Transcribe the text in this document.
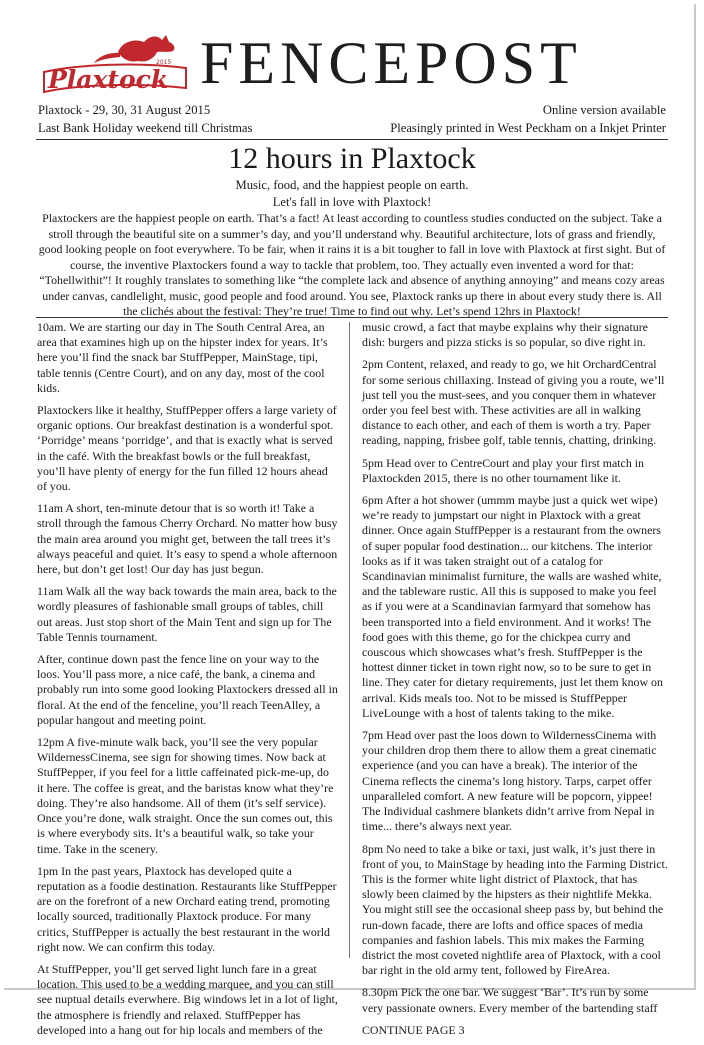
Plaxtock
2015 FENCEPOST
Plaxtock - 29, 30, 31 August 2015
Last Bank Holiday weekend till Christmas
Online version available
Pleasingly printed in West Peckham on a Inkjet Printer
12 hours in Plaxtock
Music, food, and the happiest people on earth.
Let's fall in love with Plaxtock!
Plaxtockers are the happiest people on earth. That’s a fact! At least according to countless studies conducted on the subject. Take a stroll through the beautiful site on a summer’s day, and you’ll understand why. Beautiful architecture, lots of grass and friendly, good looking people on foot everywhere. To be fair, when it rains it is a bit tougher to fall in love with Plaxtock at first sight. But of course, the inventive Plaxtockers found a way to tackle that problem, too. They actually even invented a word for that: “Tohellwithit”! It roughly translates to something like “the complete lack and absence of anything annoying” and means cozy areas under canvas, candlelight, music, good people and food around. You see, Plaxtock ranks up there in about every study there is. All the clichés about the festival: They’re true! Time to find out why. Let’s spend 12hrs in Plaxtock!

10am. We are starting our day in The South Central Area, an area that examines high up on the hipster index for years. It’s here you’ll find the snack bar StuffPepper, MainStage, tipi, table tennis (Centre Court), and on any day, most of the cool kids.

Plaxtockers like it healthy, StuffPepper offers a large variety of organic options. Our breakfast destination is a wonderful spot. ‘Porridge’ means ‘porridge’, and that is exactly what is served in the café. With the breakfast bowls or the full breakfast, you’ll have plenty of energy for the fun filled 12 hours ahead of you.

11am A short, ten-minute detour that is so worth it! Take a stroll through the famous Cherry Orchard. No matter how busy the main area around you might get, between the tall trees it’s always peaceful and quiet. It’s easy to spend a whole afternoon here, but don’t get lost! Our day has just begun.

11am Walk all the way back towards the main area, back to the wordly pleasures of fashionable small groups of tables, chill out areas. Just stop short of the Main Tent and sign up for The Table Tennis tournament.

After, continue down past the fence line on your way to the loos. You’ll pass more, a nice café, the bank, a cinema and probably run into some good looking Plaxtockers dressed all in floral. At the end of the fenceline, you’ll reach TeenAlley, a popular hangout and meeting point.

12pm A five-minute walk back, you’ll see the very popular WildernessCinema, see sign for showing times. Now back at StuffPepper, if you feel for a little caffeinated pick-me-up, do it here. The coffee is great, and the baristas know what they’re doing. They’re also handsome. All of them (it’s self service). Once you’re done, walk straight. Once the sun comes out, this is where everybody sits. It’s a beautiful walk, so take your time. Take in the scenery.

1pm In the past years, Plaxtock has developed quite a reputation as a foodie destination. Restaurants like StuffPepper are on the forefront of a new Orchard eating trend, promoting locally sourced, traditionally Plaxtock produce. For many critics, StuffPepper is actually the best restaurant in the world right now. We can confirm this today.

At StuffPepper, you’ll get served light lunch fare in a great location. This used to be a wedding marquee, and you can still see nuptual details everwhere. Big windows let in a lot of light, the atmosphere is friendly and relaxed. StuffPepper has developed into a hang out for hip locals and members of the

music crowd, a fact that maybe explains why their signature dish: burgers and pizza sticks is so popular, so dive right in.

2pm Content, relaxed, and ready to go, we hit OrchardCentral for some serious chillaxing. Instead of giving you a route, we’ll just tell you the must-sees, and you conquer them in whatever order you feel best with. These activities are all in walking distance to each other, and each of them is worth a try. Paper reading, napping, frisbee golf, table tennis, chatting, drinking.

5pm Head over to CentreCourt and play your first match in Plaxtockden 2015, there is no other tournament like it.

6pm After a hot shower (ummm maybe just a quick wet wipe) we’re ready to jumpstart our night in Plaxtock with a great dinner. Once again StuffPepper is a restaurant from the owners of super popular food destination... our kitchens. The interior looks as if it was taken straight out of a catalog for Scandinavian minimalist furniture, the walls are washed white, and the tableware rustic. All this is supposed to make you feel as if you were at a Scandinavian farmyard that somehow has been transported into a field environment. And it works! The food goes with this theme, go for the chickpea curry and couscous which showcases what’s fresh. StuffPepper is the hottest dinner ticket in town right now, so to be sure to get in line. They cater for dietary requirements, just let them know on arrival. Kids meals too. Not to be missed is StuffPepper LiveLounge with a host of talents taking to the mike.

7pm Head over past the loos down to WildernessCinema with your children drop them there to allow them a great cinematic experience (and you can have a break). The interior of the Cinema reflects the cinema’s long history. Tarps, carpet offer unparalleled comfort. A new feature will be popcorn, yippee! The Individual cashmere blankets didn’t arrive from Nepal in time... there’s always next year.

8pm No need to take a bike or taxi, just walk, it’s just there in front of you, to MainStage by heading into the Farming District. This is the former white light district of Plaxtock, that has slowly been claimed by the hipsters as their nightlife Mekka. You might still see the occasional sheep pass by, but behind the run-down facade, there are lofts and office spaces of media companies and fashion labels. This mix makes the Farming district the most coveted nightlife area of Plaxtock, with a cool bar right in the old army tent, followed by FireArea.

8.30pm Pick the one bar. We suggest ‘Bar’. It’s run by some very passionate owners. Every member of the bartending staff

CONTINUE PAGE 3
